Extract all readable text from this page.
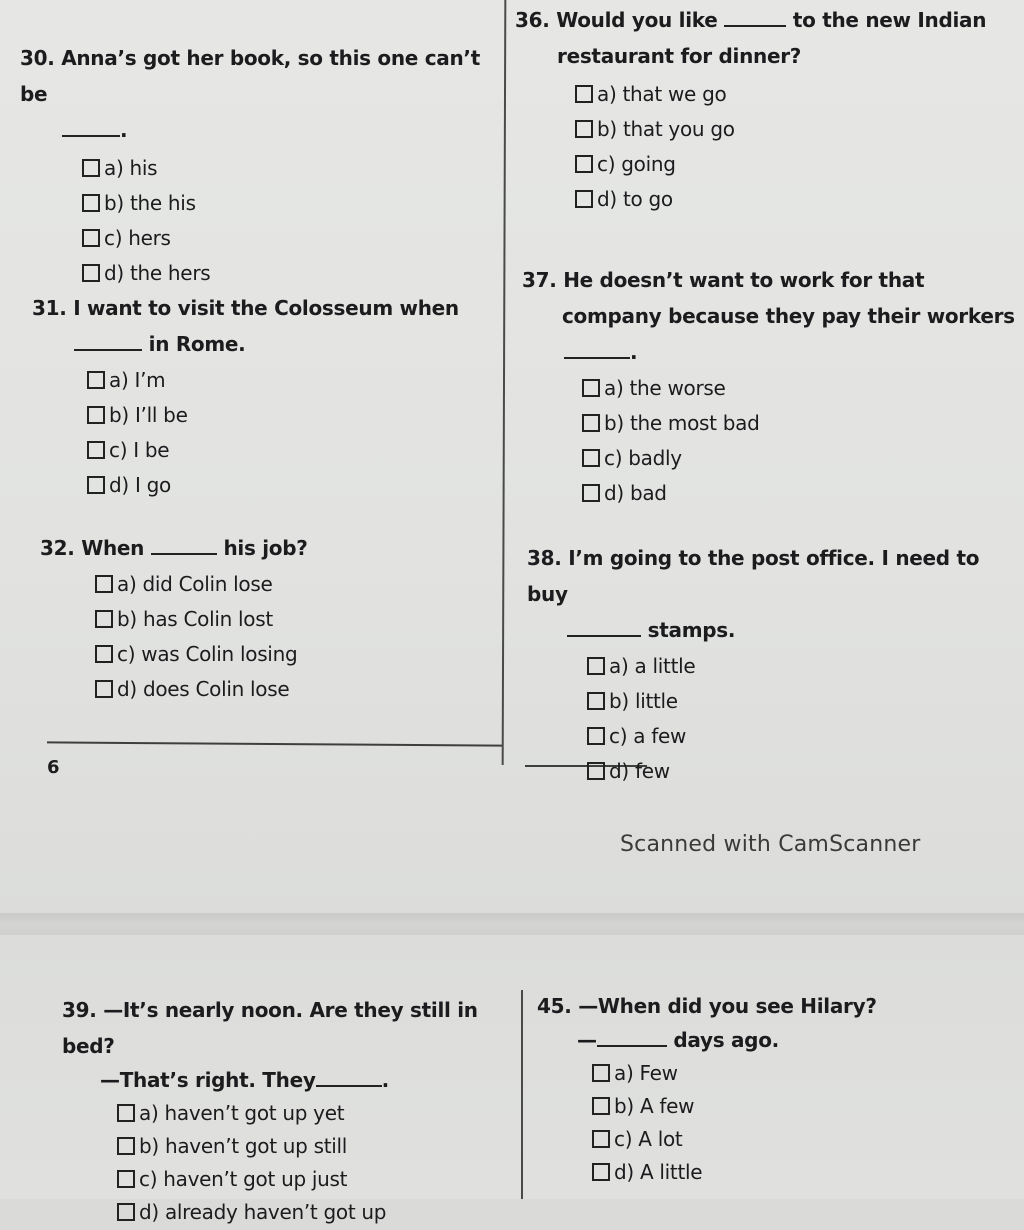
30. Anna’s got her book, so this one can’t be
.
a) his
b) the his
c) hers
d) the hers
31. I want to visit the Colosseum when
in Rome.
a) I’m
b) I’ll be
c) I be
d) I go
32. When	his job?
a) did Colin lose
b) has Colin lost
c) was Colin losing
d) does Colin lose
36. Would you like	to the new Indian
restaurant for dinner?
a) that we go
b) that you go
c) going
d) to go
37. He doesn’t want to work for that
company because they pay their workers
.
a) the worse
b) the most bad
c) badly
d) bad
38. I’m going to the post office. I need to buy
stamps.
a) a little
b) little
c) a few
d) few
6
Scanned with CamScanner
39. —It’s nearly noon. Are they still in bed?
—That’s right. They	.
a) haven’t got up yet
b) haven’t got up still
c) haven’t got up just
d) already haven’t got up
45. —When did you see Hilary?
—	days ago.
a) Few
b) A few
c) A lot
d) A little
